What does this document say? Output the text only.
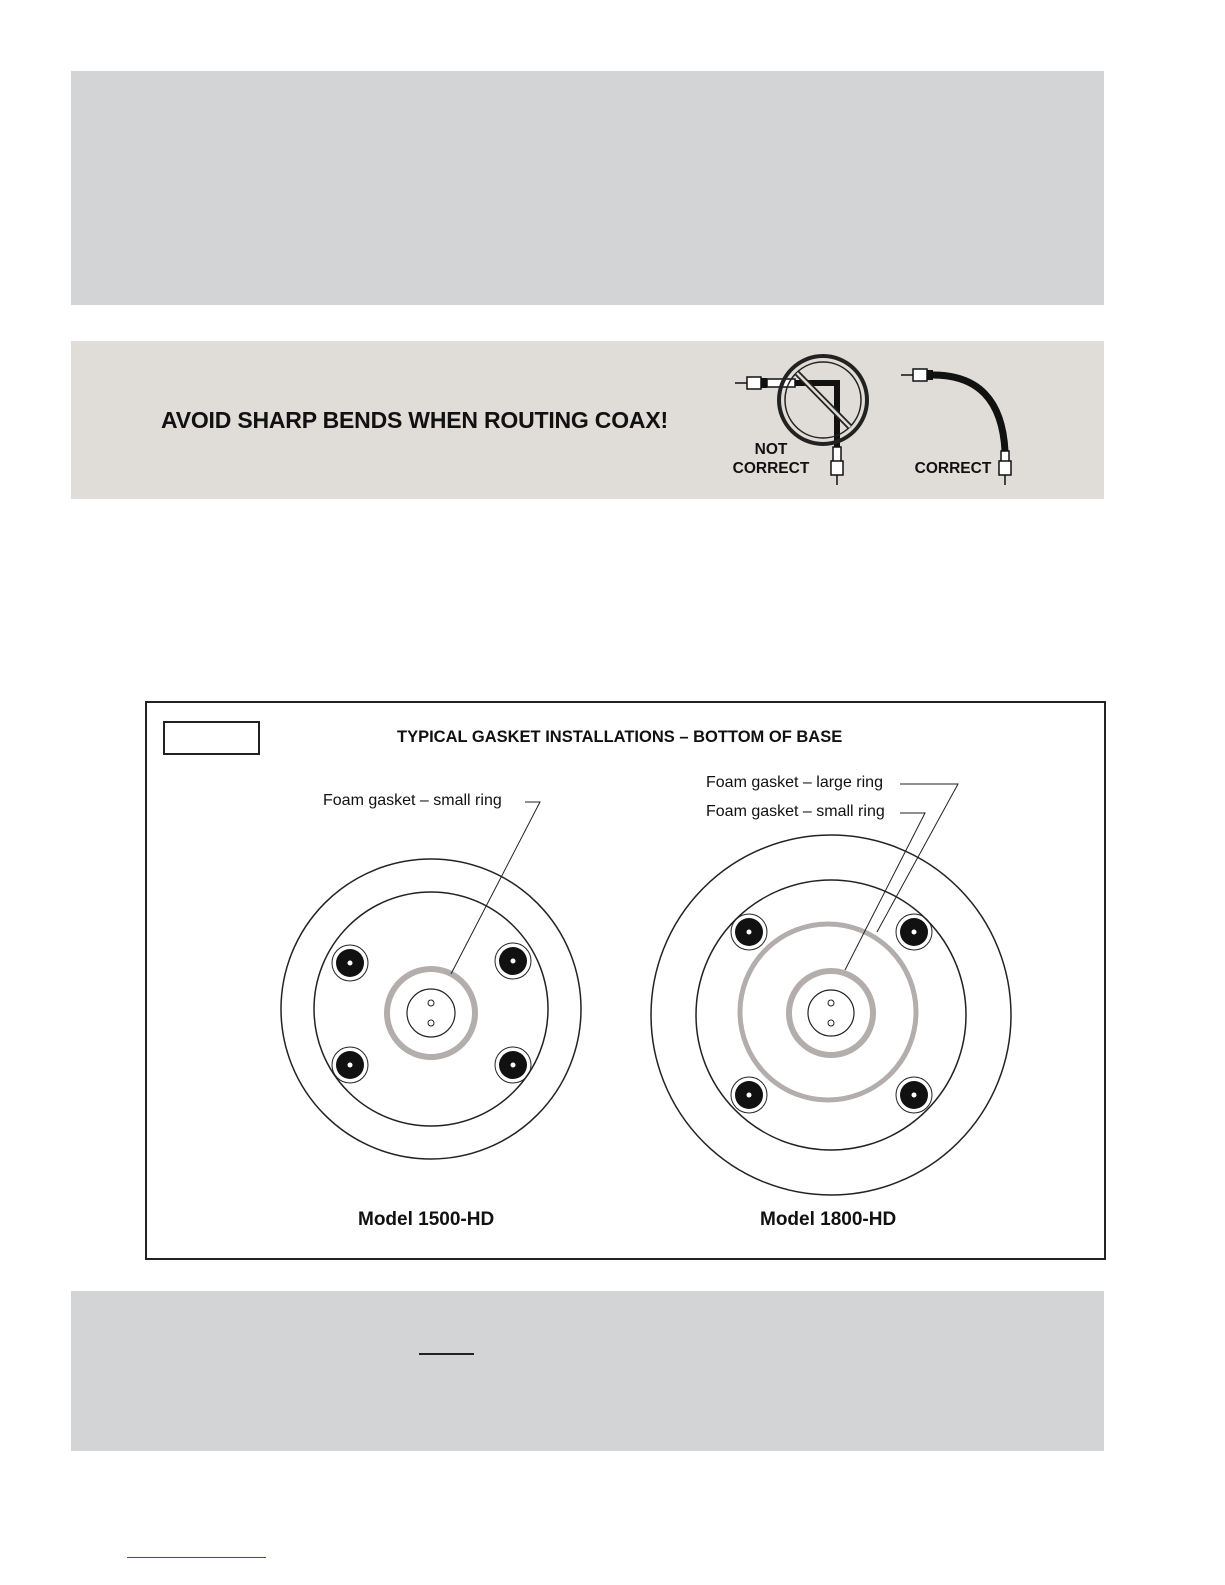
AVOID SHARP BENDS WHEN ROUTING COAX!

NOT
CORRECT	CORRECT
TYPICAL GASKET INSTALLATIONS – BOTTOM OF BASE
Foam gasket – small ring
Foam gasket – large ring
Foam gasket – small ring
Model 1500-HD	Model 1800-HD
